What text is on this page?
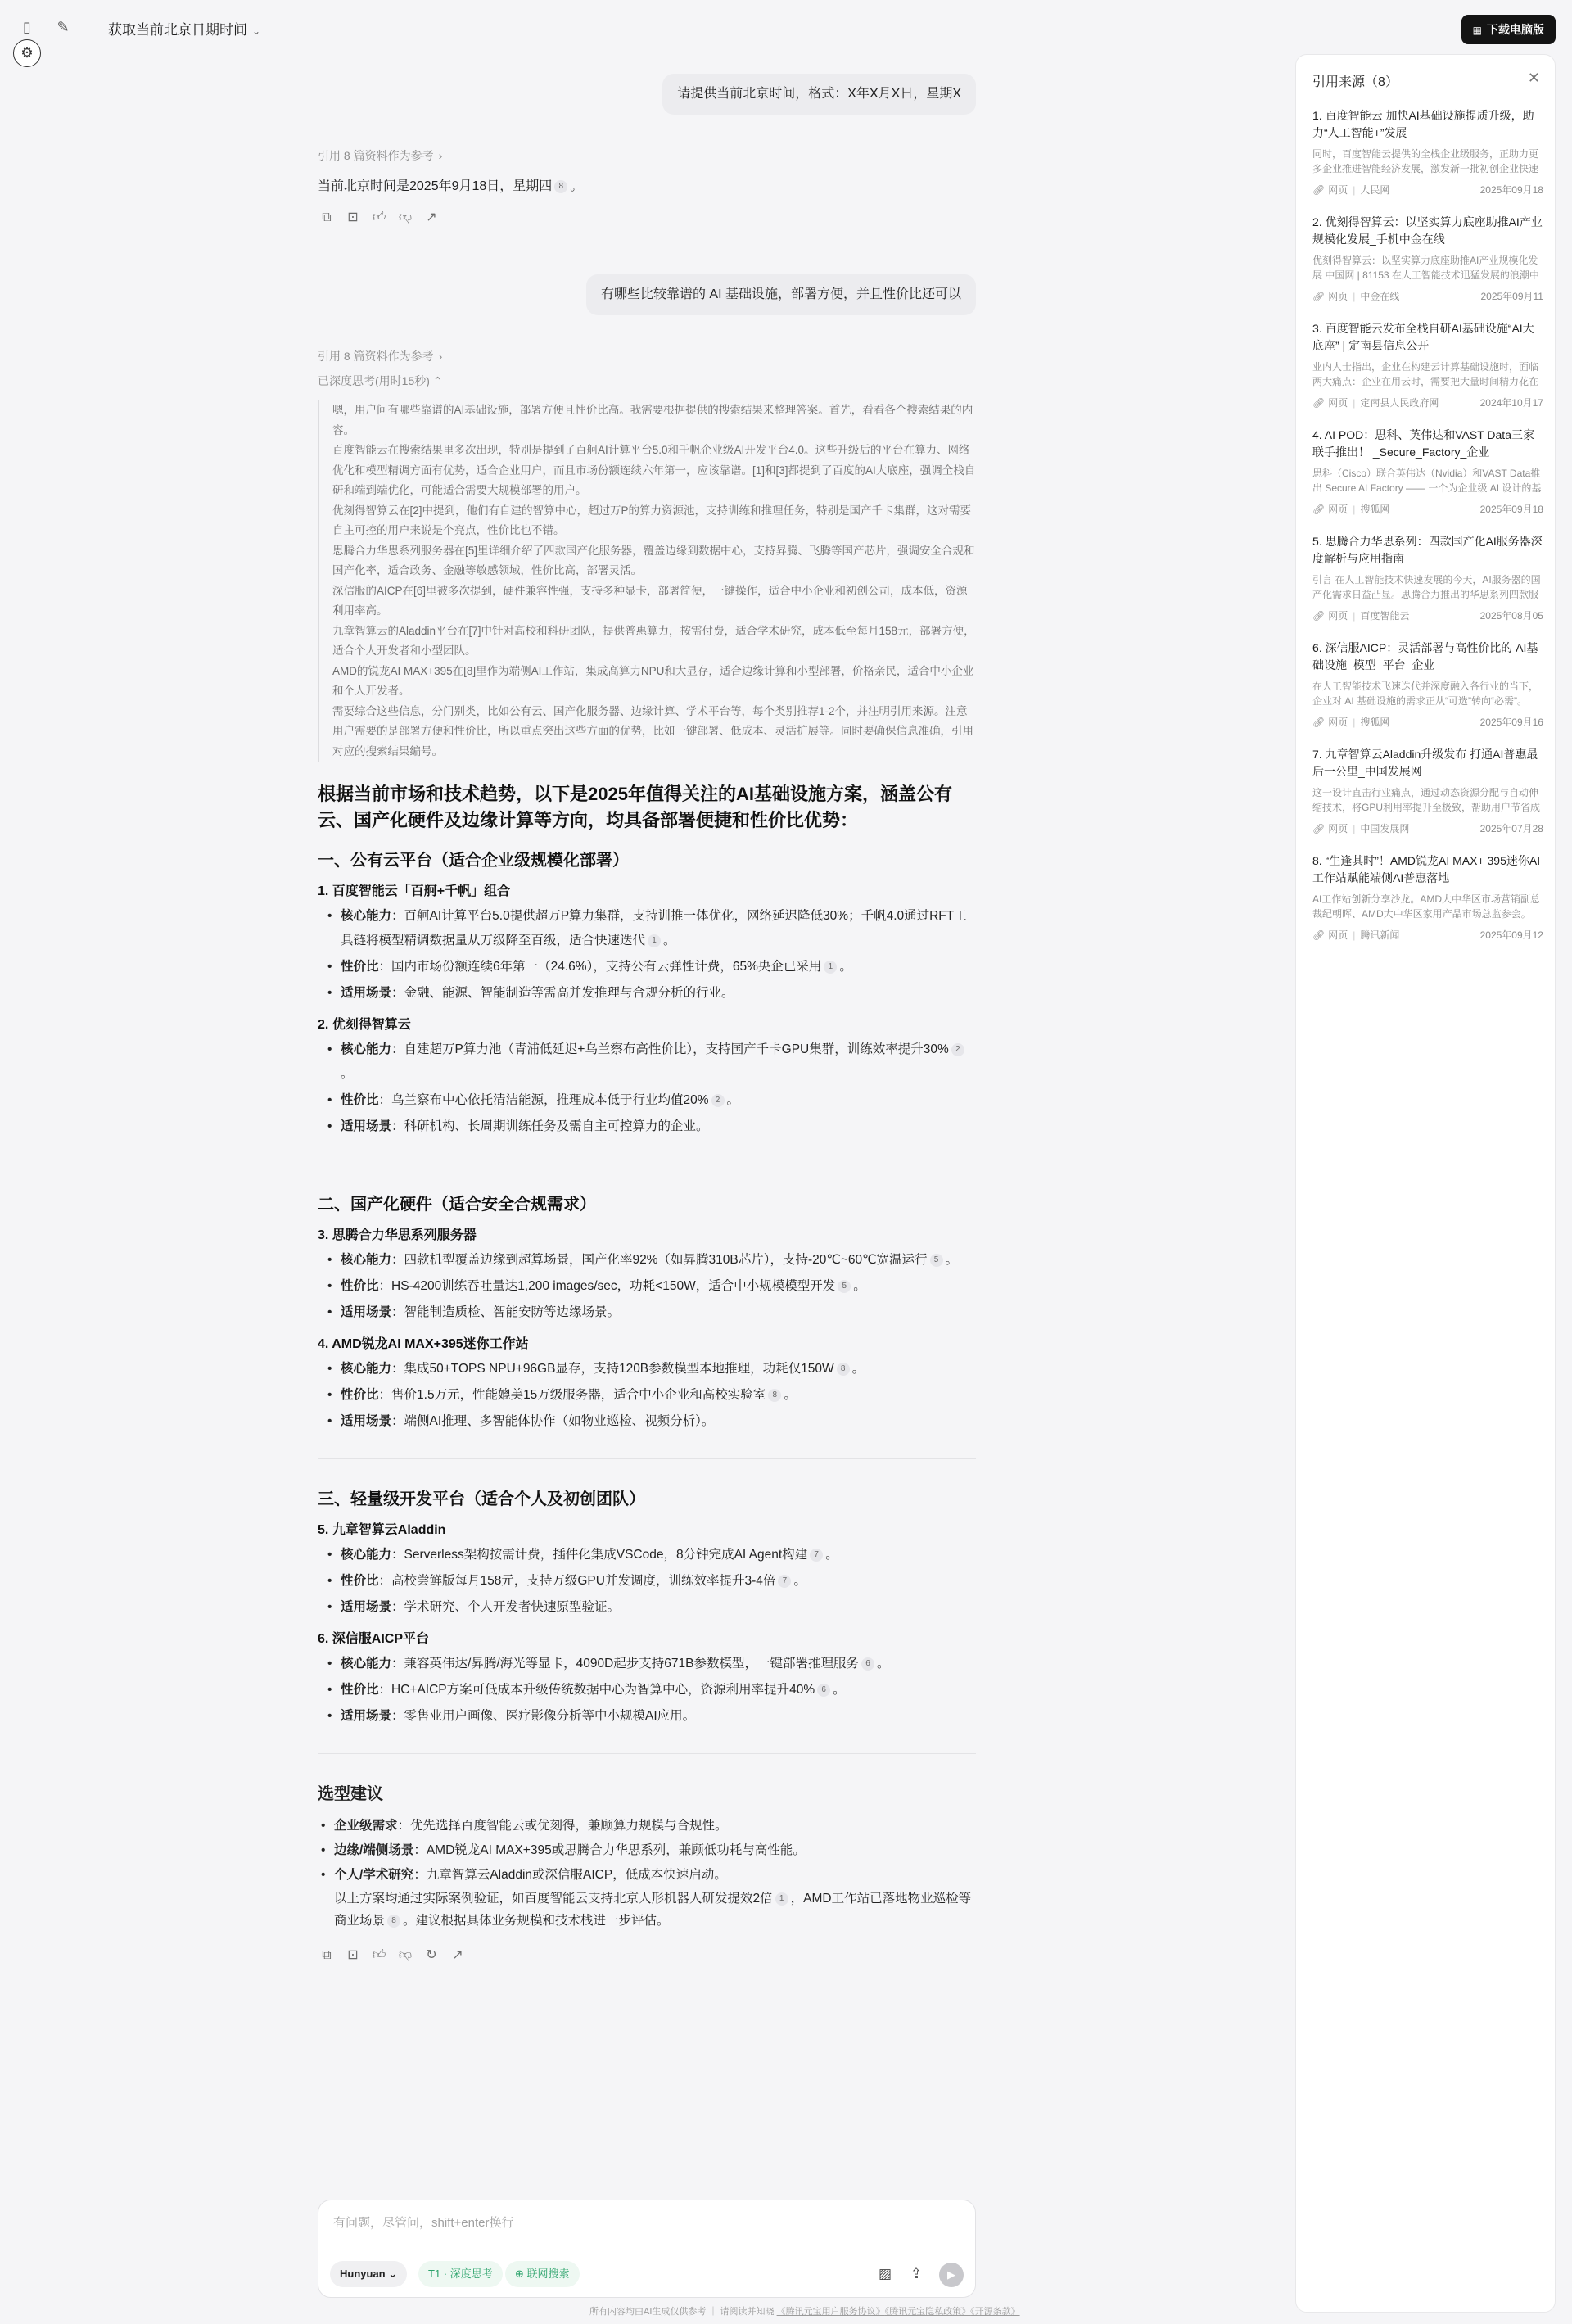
▯	✎	获取当前北京日期时间 ⌄
⚙
▦ 下载电脑版
请提供当前北京时间，格式：X年X月X日，星期X
引用 8 篇资料作为参考 ›
当前北京时间是2025年9月18日，星期四 8 。
⧉ ⊡ 👍︎ 👎︎ ↗
有哪些比较靠谱的 AI 基础设施，部署方便，并且性价比还可以
引用 8 篇资料作为参考 ›
已深度思考(用时15秒) ⌃

嗯，用户问有哪些靠谱的AI基础设施，部署方便且性价比高。我需要根据提供的搜索结果来整理答案。首先，看看各个搜索结果的内容。

百度智能云在搜索结果里多次出现，特别是提到了百舸AI计算平台5.0和千帆企业级AI开发平台4.0。这些升级后的平台在算力、网络优化和模型精调方面有优势，适合企业用户，而且市场份额连续六年第一，应该靠谱。[1]和[3]都提到了百度的AI大底座，强调全栈自研和端到端优化，可能适合需要大规模部署的用户。

优刻得智算云在[2]中提到，他们有自建的智算中心，超过万P的算力资源池，支持训练和推理任务，特别是国产千卡集群，这对需要自主可控的用户来说是个亮点，性价比也不错。

思腾合力华思系列服务器在[5]里详细介绍了四款国产化服务器，覆盖边缘到数据中心，支持昇腾、飞腾等国产芯片，强调安全合规和国产化率，适合政务、金融等敏感领域，性价比高，部署灵活。

深信服的AICP在[6]里被多次提到，硬件兼容性强，支持多种显卡，部署简便，一键操作，适合中小企业和初创公司，成本低，资源利用率高。

九章智算云的Aladdin平台在[7]中针对高校和科研团队，提供普惠算力，按需付费，适合学术研究，成本低至每月158元，部署方便，适合个人开发者和小型团队。

AMD的锐龙AI MAX+395在[8]里作为端侧AI工作站，集成高算力NPU和大显存，适合边缘计算和小型部署，价格亲民，适合中小企业和个人开发者。

需要综合这些信息，分门别类，比如公有云、国产化服务器、边缘计算、学术平台等，每个类别推荐1-2个，并注明引用来源。注意用户需要的是部署方便和性价比，所以重点突出这些方面的优势，比如一键部署、低成本、灵活扩展等。同时要确保信息准确，引用对应的搜索结果编号。

根据当前市场和技术趋势，以下是2025年值得关注的AI基础设施方案，涵盖公有云、国产化硬件及边缘计算等方向，均具备部署便捷和性价比优势：
一、公有云平台（适合企业级规模化部署）
1. 百度智能云「百舸+千帆」组合
• 核心能力：百舸AI计算平台5.0提供超万P算力集群，支持训推一体优化，网络延迟降低30%；千帆4.0通过RFT工具链将模型精调数据量从万级降至百级，适合快速迭代 1 。
• 性价比：国内市场份额连续6年第一（24.6%），支持公有云弹性计费，65%央企已采用 1 。
• 适用场景：金融、能源、智能制造等需高并发推理与合规分析的行业。
2. 优刻得智算云
• 核心能力：自建超万P算力池（青浦低延迟+乌兰察布高性价比），支持国产千卡GPU集群，训练效率提升30% 2。
• 性价比：乌兰察布中心依托清洁能源，推理成本低于行业均值20% 2 。
• 适用场景：科研机构、长周期训练任务及需自主可控算力的企业。
二、国产化硬件（适合安全合规需求）
3. 思腾合力华思系列服务器
• 核心能力：四款机型覆盖边缘到超算场景，国产化率92%（如昇腾310B芯片），支持-20℃~60℃宽温运行 5 。
• 性价比：HS-4200训练吞吐量达1,200 images/sec，功耗<150W，适合中小规模模型开发 5 。
• 适用场景：智能制造质检、智能安防等边缘场景。
4. AMD锐龙AI MAX+395迷你工作站
• 核心能力：集成50+TOPS NPU+96GB显存，支持120B参数模型本地推理，功耗仅150W 8 。
• 性价比：售价1.5万元，性能媲美15万级服务器，适合中小企业和高校实验室 8 。
• 适用场景：端侧AI推理、多智能体协作（如物业巡检、视频分析）。
三、轻量级开发平台（适合个人及初创团队）
5. 九章智算云Aladdin
• 核心能力：Serverless架构按需计费，插件化集成VSCode，8分钟完成AI Agent构建 7 。
• 性价比：高校尝鲜版每月158元，支持万级GPU并发调度，训练效率提升3-4倍 7 。
• 适用场景：学术研究、个人开发者快速原型验证。
6. 深信服AICP平台
• 核心能力：兼容英伟达/昇腾/海光等显卡，4090D起步支持671B参数模型，一键部署推理服务 6 。
• 性价比：HC+AICP方案可低成本升级传统数据中心为智算中心，资源利用率提升40% 6 。
• 适用场景：零售业用户画像、医疗影像分析等中小规模AI应用。
选型建议
• 企业级需求：优先选择百度智能云或优刻得，兼顾算力规模与合规性。
• 边缘/端侧场景：AMD锐龙AI MAX+395或思腾合力华思系列，兼顾低功耗与高性能。
• 个人/学术研究：九章智算云Aladdin或深信服AICP，低成本快速启动。
以上方案均通过实际案例验证，如百度智能云支持北京人形机器人研发提效2倍 1 ，AMD工作站已落地物业巡检等商业场景 8 。建议根据具体业务规模和技术栈进一步评估。
⧉ ⊡ 👍︎ 👎︎ ↻ ↗
有问题，尽管问，shift+enter换行
Hunyuan ⌄	T1 · 深度思考	⊕ 联网搜索	▨ ⇪	▶
所有内容均由AI生成仅供参考 ｜ 请阅读并知晓 《腾讯元宝用户服务协议》《腾讯元宝隐私政策》《开源条款》
引用来源（8）	✕
1. 百度智能云 加快AI基础设施提质升级，助力“人工智能+”发展
同时，百度智能云提供的全栈企业级服务，正助力更多企业推进智能经济发展，激发新一批初创企业快速
🔗︎ 网页 | 人民网	2025年09月18
2. 优刻得智算云：以坚实算力底座助推AI产业规模化发展_手机中金在线
优刻得智算云：以坚实算力底座助推AI产业规模化发展 中国网 | 81153 在人工智能技术迅猛发展的浪潮中
🔗︎ 网页 | 中金在线	2025年09月11
3. 百度智能云发布全栈自研AI基础设施“AI大底座” | 定南县信息公开
业内人士指出，企业在构建云计算基础设施时，面临两大痛点：企业在用云时，需要把大量时间精力花在
🔗︎ 网页 | 定南县人民政府网	2024年10月17
4. AI POD：思科、英伟达和VAST Data三家联手推出！ _Secure_Factory_企业
思科（Cisco）联合英伟达（Nvidia）和VAST Data推出 Secure AI Factory —— 一个为企业级 AI 设计的基
🔗︎ 网页 | 搜狐网	2025年09月18
5. 思腾合力华思系列：四款国产化AI服务器深度解析与应用指南
引言 在人工智能技术快速发展的今天，AI服务器的国产化需求日益凸显。思腾合力推出的华思系列四款服
🔗︎ 网页 | 百度智能云	2025年08月05
6. 深信服AICP：灵活部署与高性价比的 AI基础设施_模型_平台_企业
在人工智能技术飞速迭代并深度融入各行业的当下，企业对 AI 基础设施的需求正从“可选”转向“必需”。
🔗︎ 网页 | 搜狐网	2025年09月16
7. 九章智算云Aladdin升级发布 打通AI普惠最后一公里_中国发展网
这一设计直击行业痛点，通过动态资源分配与自动伸缩技术，将GPU利用率提升至极致，帮助用户节省成
🔗︎ 网页 | 中国发展网	2025年07月28
8. “生逢其时”！AMD锐龙AI MAX+ 395迷你AI工作站赋能端侧AI普惠落地
AI工作站创新分享沙龙。AMD大中华区市场营销副总裁纪朝晖、AMD大中华区家用产品市场总监参会。
🔗︎ 网页 | 腾讯新闻	2025年09月12
